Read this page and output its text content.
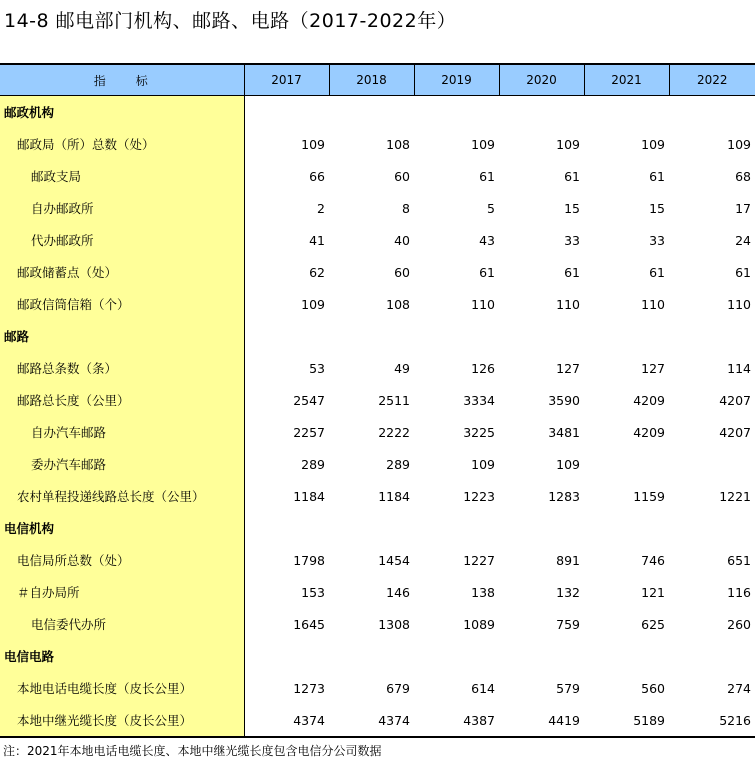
14-8 邮电部门机构、邮路、电路（2017-2022年）
指　　标	2017	2018	2019	2020	2021	2022
邮政机构						
邮政局（所）总数（处）	109	108	109	109	109	109
邮政支局	66	60	61	61	61	68
自办邮政所	2	8	5	15	15	17
代办邮政所	41	40	43	33	33	24
邮政储蓄点（处）	62	60	61	61	61	61
邮政信筒信箱（个）	109	108	110	110	110	110
邮路						
邮路总条数（条）	53	49	126	127	127	114
邮路总长度（公里）	2547	2511	3334	3590	4209	4207
自办汽车邮路	2257	2222	3225	3481	4209	4207
委办汽车邮路	289	289	109	109		
农村单程投递线路总长度（公里）	1184	1184	1223	1283	1159	1221
电信机构						
电信局所总数（处）	1798	1454	1227	891	746	651
＃自办局所	153	146	138	132	121	116
电信委代办所	1645	1308	1089	759	625	260
电信电路						
本地电话电缆长度（皮长公里）	1273	679	614	579	560	274
本地中继光缆长度（皮长公里）	4374	4374	4387	4419	5189	5216
注：2021年本地电话电缆长度、本地中继光缆长度包含电信分公司数据
